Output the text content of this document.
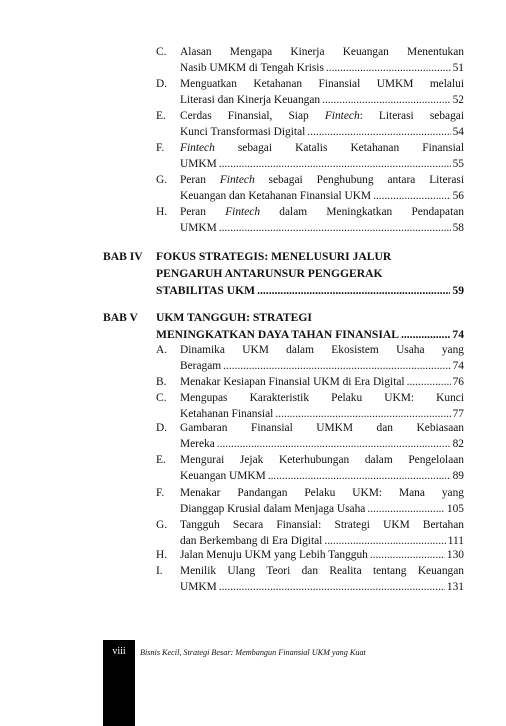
C. Alasan Mengapa Kinerja Keuangan Menentukan
Nasib UMKM di Tengah Krisis .....	51
D. Menguatkan Ketahanan Finansial UMKM melalui
Literasi dan Kinerja Keuangan .....	52
E. Cerdas Finansial, Siap Fintech: Literasi sebagai
Kunci Transformasi Digital .....	54
F. Fintech sebagai Katalis Ketahanan Finansial
UMKM .....	55
G. Peran Fintech sebagai Penghubung antara Literasi
Keuangan dan Ketahanan Finansial UKM .....	56
H. Peran Fintech dalam Meningkatkan Pendapatan
UMKM .....	58
BAB IV FOKUS STRATEGIS: MENELUSURI JALUR
PENGARUH ANTARUNSUR PENGGERAK
STABILITAS UKM .....	59
BAB V UKM TANGGUH: STRATEGI
MENINGKATKAN DAYA TAHAN FINANSIAL .....	74
A. Dinamika UKM dalam Ekosistem Usaha yang
Beragam .....	74
B. Menakar Kesiapan Finansial UKM di Era Digital .....	76
C. Mengupas Karakteristik Pelaku UKM: Kunci
Ketahanan Finansial .....	77
D. Gambaran Finansial UMKM dan Kebiasaan
Mereka .....	82
E. Mengurai Jejak Keterhubungan dalam Pengelolaan
Keuangan UMKM .....	89
F. Menakar Pandangan Pelaku UKM: Mana yang
Dianggap Krusial dalam Menjaga Usaha .....	105
G. Tangguh Secara Finansial: Strategi UKM Bertahan
dan Berkembang di Era Digital .....	111
H. Jalan Menuju UKM yang Lebih Tangguh .....	130
I. Menilik Ulang Teori dan Realita tentang Keuangan
UMKM .....	131
viii	Bisnis Kecil, Strategi Besar: Membangun Finansial UKM yang Kuat
